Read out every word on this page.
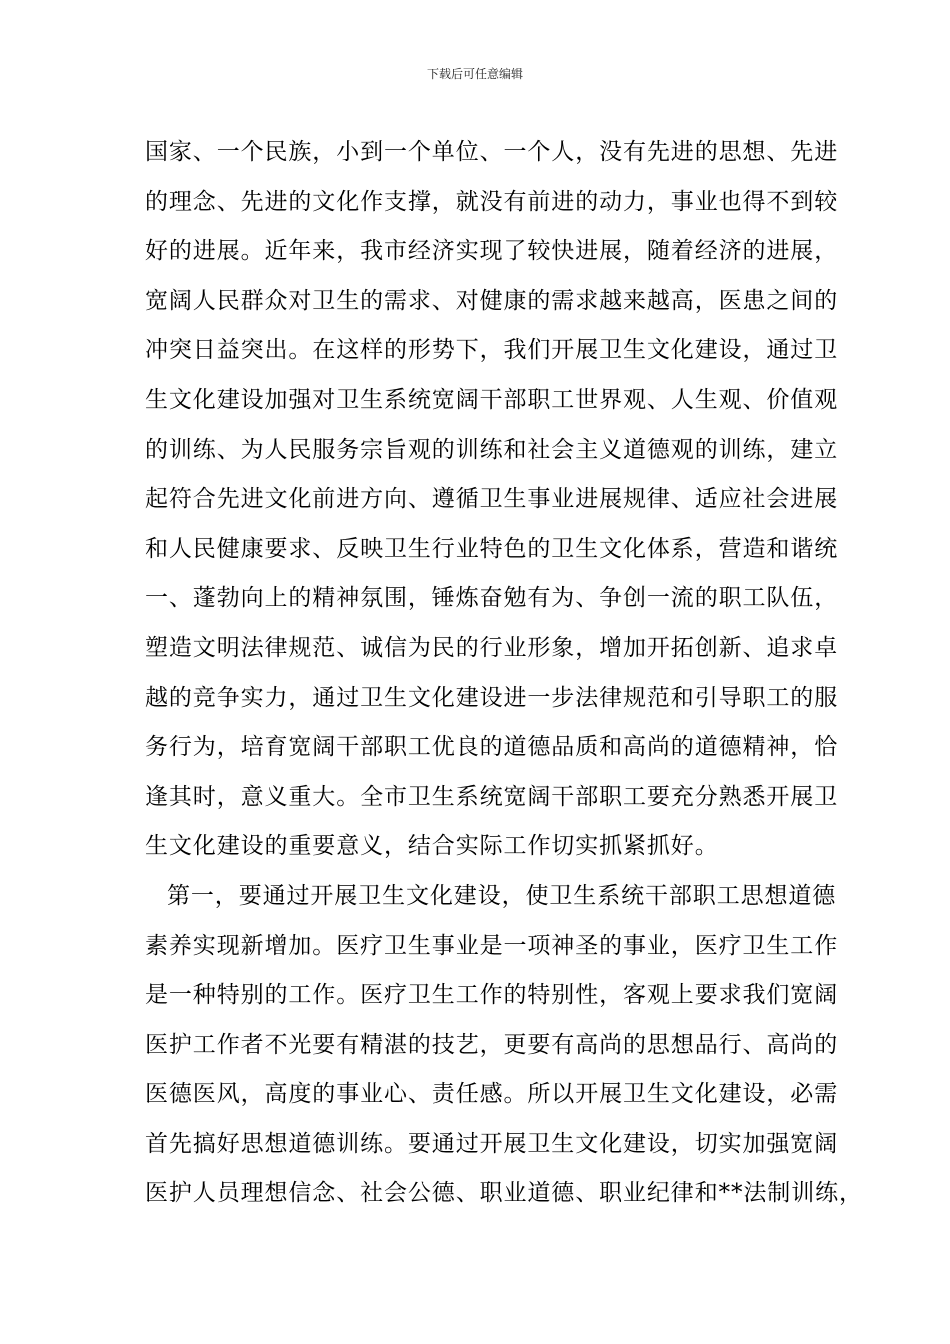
下载后可任意编辑
国家、一个民族，小到一个单位、一个人，没有先进的思想、先进
的理念、先进的文化作支撑，就没有前进的动力，事业也得不到较
好的进展。近年来，我市经济实现了较快进展，随着经济的进展，
宽阔人民群众对卫生的需求、对健康的需求越来越高，医患之间的
冲突日益突出。在这样的形势下，我们开展卫生文化建设，通过卫
生文化建设加强对卫生系统宽阔干部职工世界观、人生观、价值观
的训练、为人民服务宗旨观的训练和社会主义道德观的训练，建立
起符合先进文化前进方向、遵循卫生事业进展规律、适应社会进展
和人民健康要求、反映卫生行业特色的卫生文化体系，营造和谐统
一、蓬勃向上的精神氛围，锤炼奋勉有为、争创一流的职工队伍，
塑造文明法律规范、诚信为民的行业形象，增加开拓创新、追求卓
越的竞争实力，通过卫生文化建设进一步法律规范和引导职工的服
务行为，培育宽阔干部职工优良的道德品质和高尚的道德精神，恰
逢其时，意义重大。全市卫生系统宽阔干部职工要充分熟悉开展卫
生文化建设的重要意义，结合实际工作切实抓紧抓好。
第一，要通过开展卫生文化建设，使卫生系统干部职工思想道德
素养实现新增加。医疗卫生事业是一项神圣的事业，医疗卫生工作
是一种特别的工作。医疗卫生工作的特别性，客观上要求我们宽阔
医护工作者不光要有精湛的技艺，更要有高尚的思想品行、高尚的
医德医风，高度的事业心、责任感。所以开展卫生文化建设，必需
首先搞好思想道德训练。要通过开展卫生文化建设，切实加强宽阔
医护人员理想信念、社会公德、职业道德、职业纪律和**法制训练，
